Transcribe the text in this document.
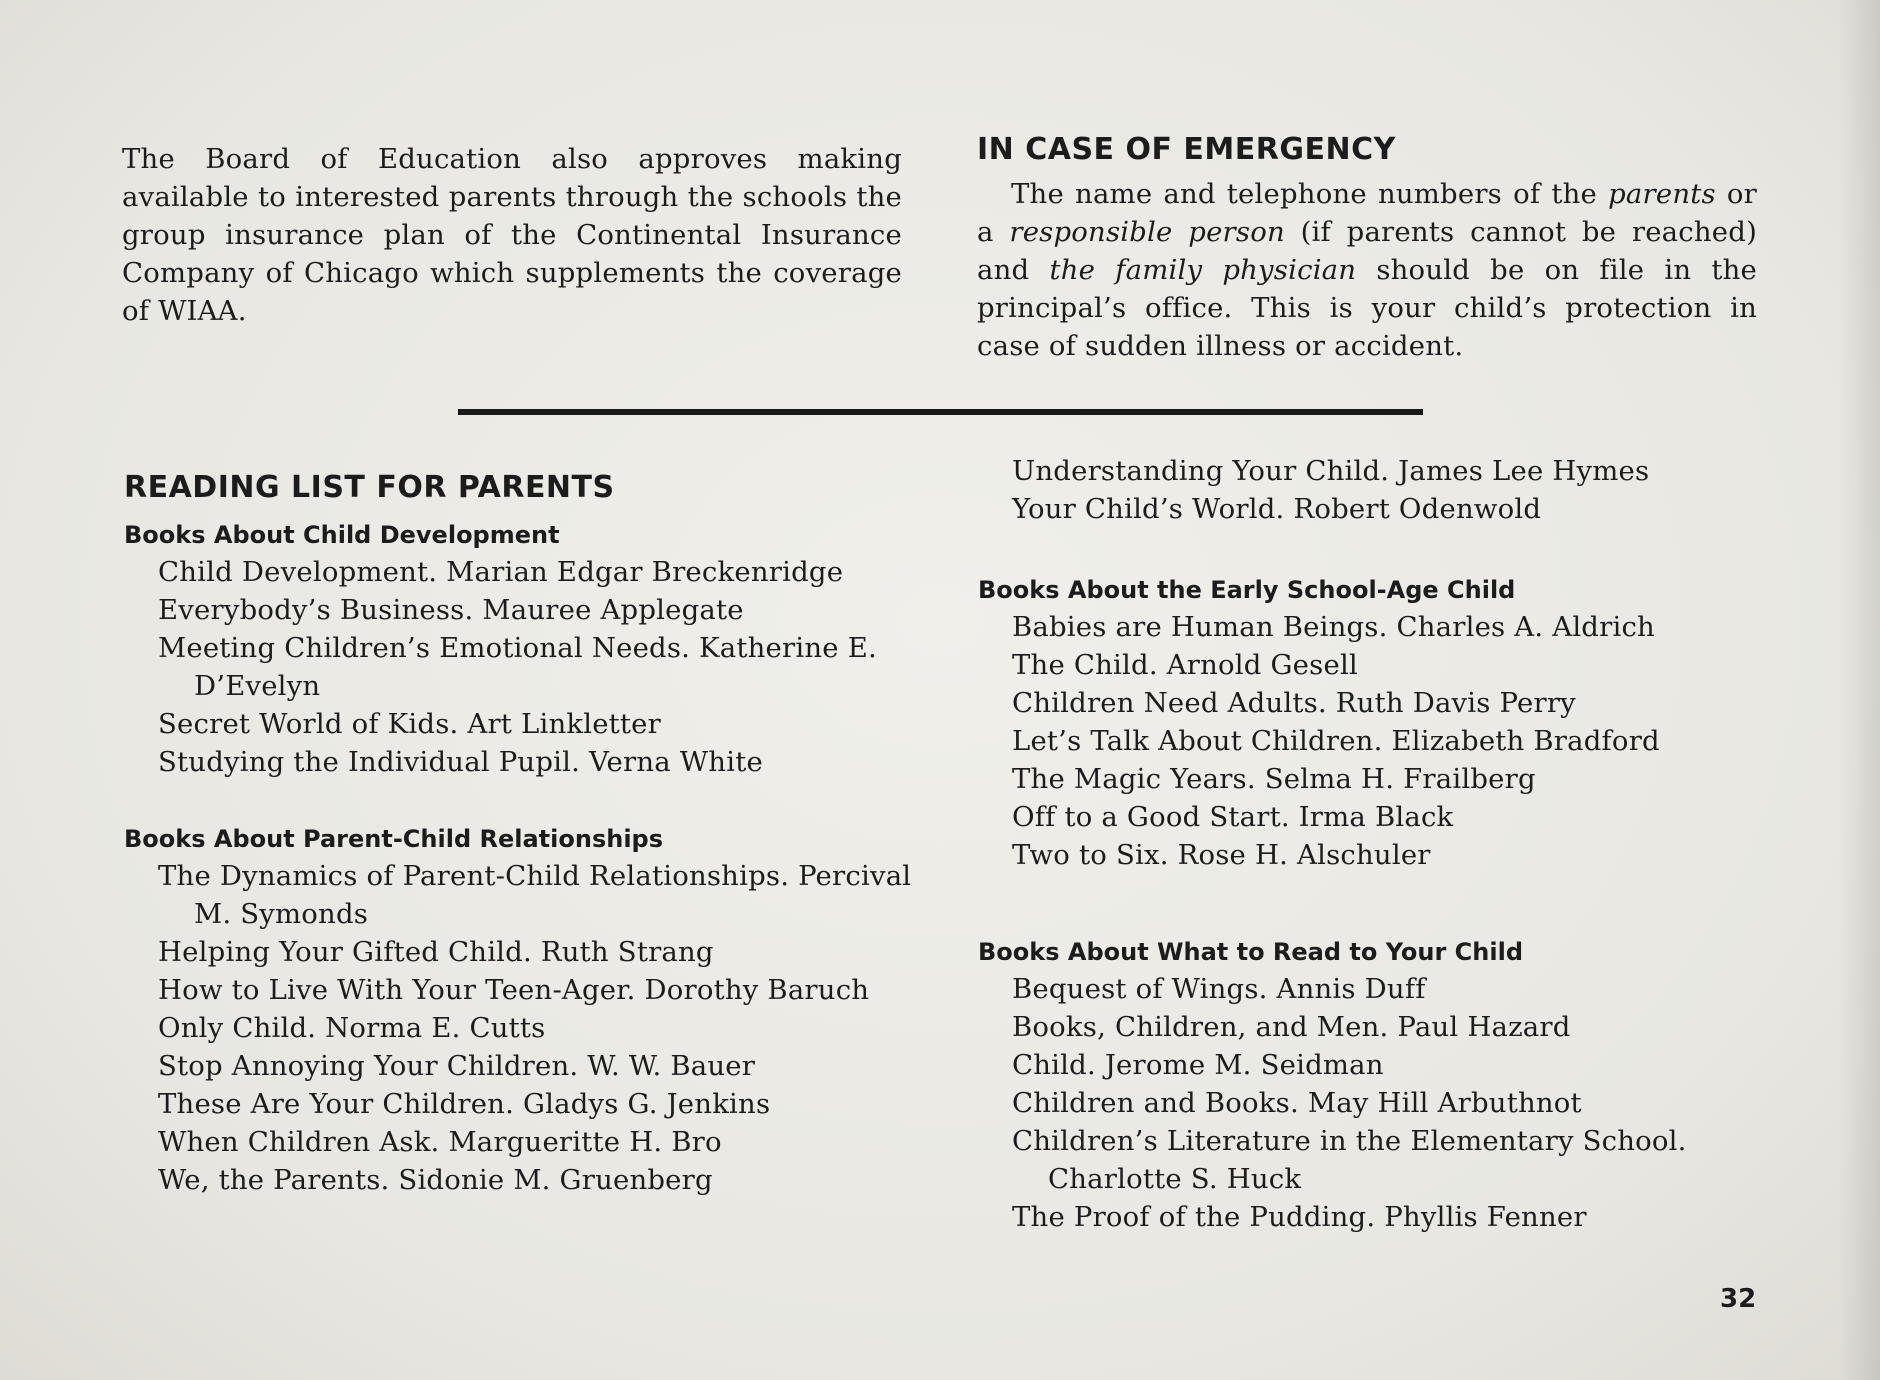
The Board of Education also approves making available to interested parents through the schools the group insurance plan of the Continental Insurance Company of Chicago which supplements the coverage of WIAA.
IN CASE OF EMERGENCY
The name and telephone numbers of the parents or a responsible person (if parents cannot be reached) and the family physician should be on file in the principal’s office. This is your child’s protection in case of sudden illness or accident.
READING LIST FOR PARENTS
Books About Child Development
Child Development. Marian Edgar Breckenridge
Everybody’s Business. Mauree Applegate
Meeting Children’s Emotional Needs. Katherine E. D’Evelyn
Secret World of Kids. Art Linkletter
Studying the Individual Pupil. Verna White
Books About Parent-Child Relationships
The Dynamics of Parent-Child Relationships. Percival M. Symonds
Helping Your Gifted Child. Ruth Strang
How to Live With Your Teen-Ager. Dorothy Baruch
Only Child. Norma E. Cutts
Stop Annoying Your Children. W. W. Bauer
These Are Your Children. Gladys G. Jenkins
When Children Ask. Margueritte H. Bro
We, the Parents. Sidonie M. Gruenberg
Understanding Your Child. James Lee Hymes
Your Child’s World. Robert Odenwold
Books About the Early School-Age Child
Babies are Human Beings. Charles A. Aldrich
The Child. Arnold Gesell
Children Need Adults. Ruth Davis Perry
Let’s Talk About Children. Elizabeth Bradford
The Magic Years. Selma H. Frailberg
Off to a Good Start. Irma Black
Two to Six. Rose H. Alschuler
Books About What to Read to Your Child
Bequest of Wings. Annis Duff
Books, Children, and Men. Paul Hazard
Child. Jerome M. Seidman
Children and Books. May Hill Arbuthnot
Children’s Literature in the Elementary School. Charlotte S. Huck
The Proof of the Pudding. Phyllis Fenner
32
